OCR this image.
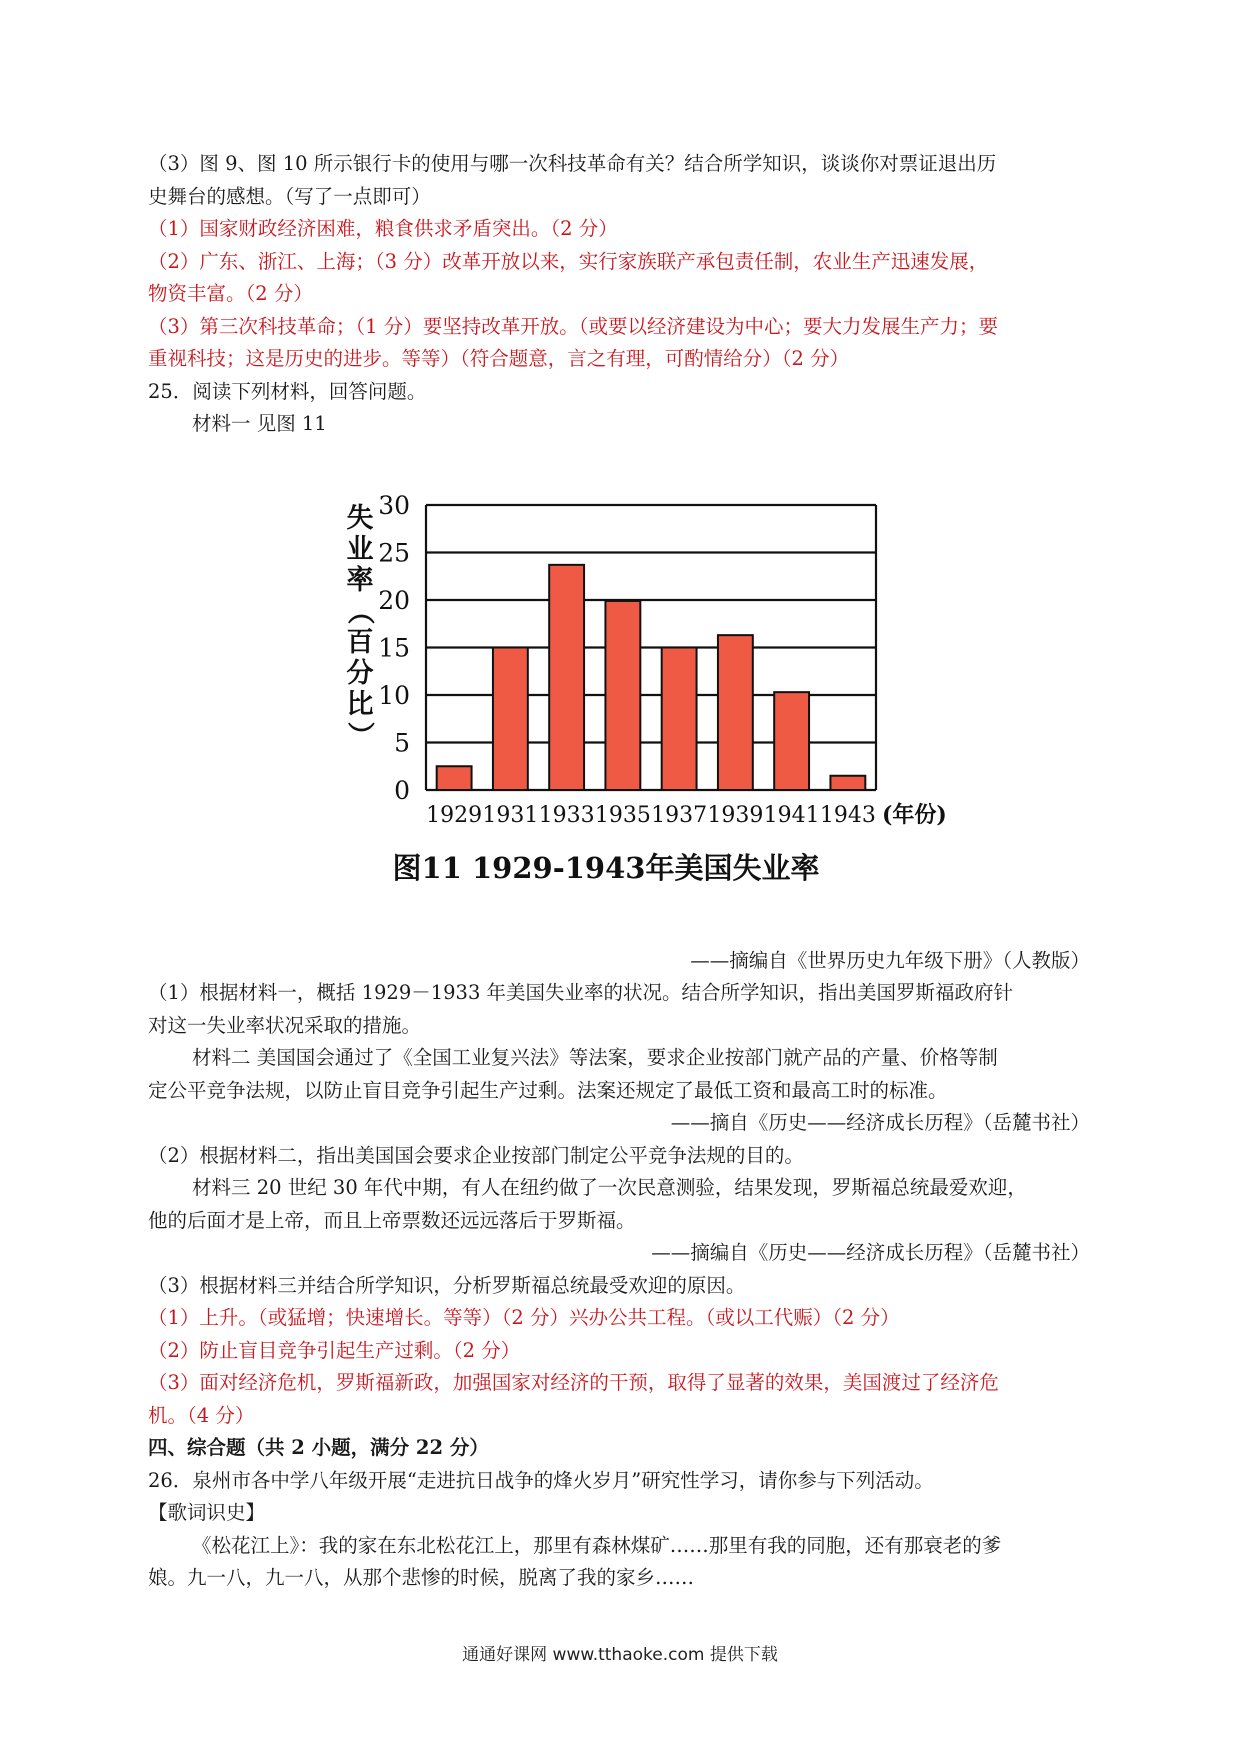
（3）图 9、图 10 所示银行卡的使用与哪一次科技革命有关？结合所学知识，谈谈你对票证退出历

史舞台的感想。（写了一点即可）

（1）国家财政经济困难，粮食供求矛盾突出。（2 分）

（2）广东、浙江、上海；（3 分）改革开放以来，实行家族联产承包责任制，农业生产迅速发展，

物资丰富。（2 分）

（3）第三次科技革命；（1 分）要坚持改革开放。（或要以经济建设为中心；要大力发展生产力；要

重视科技；这是历史的进步。等等）（符合题意，言之有理，可酌情给分）（2 分）

25．阅读下列材料，回答问题。

材料一 见图 11

失
业
率
（
百
分
比
）
0
5
10
15
20
25
30
1929 1931 1933 1935 1937 1939 1941 1943 (年份)
图11 1929-1943年美国失业率

——摘编自《世界历史九年级下册》（人教版）

（1）根据材料一，概括 1929－1933 年美国失业率的状况。结合所学知识，指出美国罗斯福政府针

对这一失业率状况采取的措施。

材料二 美国国会通过了《全国工业复兴法》等法案，要求企业按部门就产品的产量、价格等制

定公平竞争法规，以防止盲目竞争引起生产过剩。法案还规定了最低工资和最高工时的标准。

——摘自《历史——经济成长历程》（岳麓书社）

（2）根据材料二，指出美国国会要求企业按部门制定公平竞争法规的目的。

材料三 20 世纪 30 年代中期，有人在纽约做了一次民意测验，结果发现，罗斯福总统最爱欢迎，

他的后面才是上帝，而且上帝票数还远远落后于罗斯福。

——摘编自《历史——经济成长历程》（岳麓书社）

（3）根据材料三并结合所学知识，分析罗斯福总统最受欢迎的原因。

（1）上升。（或猛增；快速增长。等等）（2 分）兴办公共工程。（或以工代赈）（2 分）

（2）防止盲目竞争引起生产过剩。（2 分）

（3）面对经济危机，罗斯福新政，加强国家对经济的干预，取得了显著的效果，美国渡过了经济危

机。（4 分）

四、综合题（共 2 小题，满分 22 分）

26．泉州市各中学八年级开展“走进抗日战争的烽火岁月”研究性学习，请你参与下列活动。

【歌词识史】

《松花江上》：我的家在东北松花江上，那里有森林煤矿……那里有我的同胞，还有那衰老的爹

娘。九一八，九一八，从那个悲惨的时候，脱离了我的家乡……

通通好课网 www.tthaoke.com 提供下载
